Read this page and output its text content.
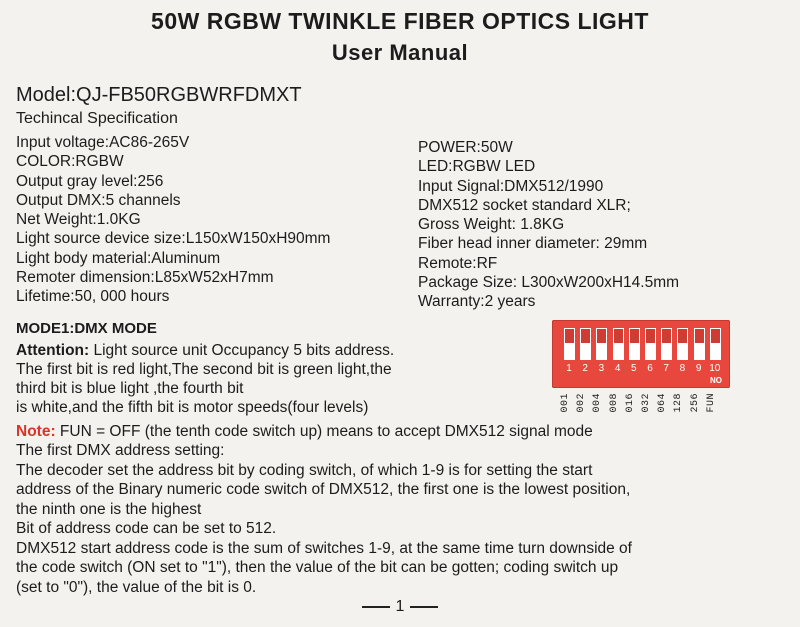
50W RGBW TWINKLE FIBER OPTICS LIGHT
User Manual
Model:QJ-FB50RGBWRFDMXT
Techincal Specification
Input voltage:AC86-265V
COLOR:RGBW
Output gray level:256
Output DMX:5 channels
Net Weight:1.0KG
Light source device size:L150xW150xH90mm
Light body material:Aluminum
Remoter dimension:L85xW52xH7mm
Lifetime:50, 000 hours
POWER:50W
LED:RGBW LED
Input Signal:DMX512/1990
DMX512 socket standard XLR;
Gross Weight: 1.8KG
Fiber head inner diameter: 29mm
Remote:RF
Package Size: L300xW200xH14.5mm
Warranty:2 years
MODE1:DMX MODE
Attention: Light source unit Occupancy 5 bits address.
The first bit is red light,The second bit is green light,the
third bit is blue light ,the fourth bit
is white,and the fifth bit is motor speeds(four levels)
Note: FUN = OFF (the tenth code switch up) means to accept DMX512 signal mode
The first DMX address setting:
The decoder set the address bit by coding switch, of which 1-9 is for setting the start
address of the Binary numeric code switch of DMX512, the first one is the lowest position,
the ninth one is the highest
Bit of address code can be set to 512.
DMX512 start address code is the sum of switches 1-9, at the same time turn downside of
the code switch (ON set to "1"), then the value of the bit can be gotten; coding switch up
(set to "0"), the value of the bit is 0.
NO
1	2	3	4	5	6	7	8	9 10
001 002 004 008 016 032 064 128 256 FUN
1
